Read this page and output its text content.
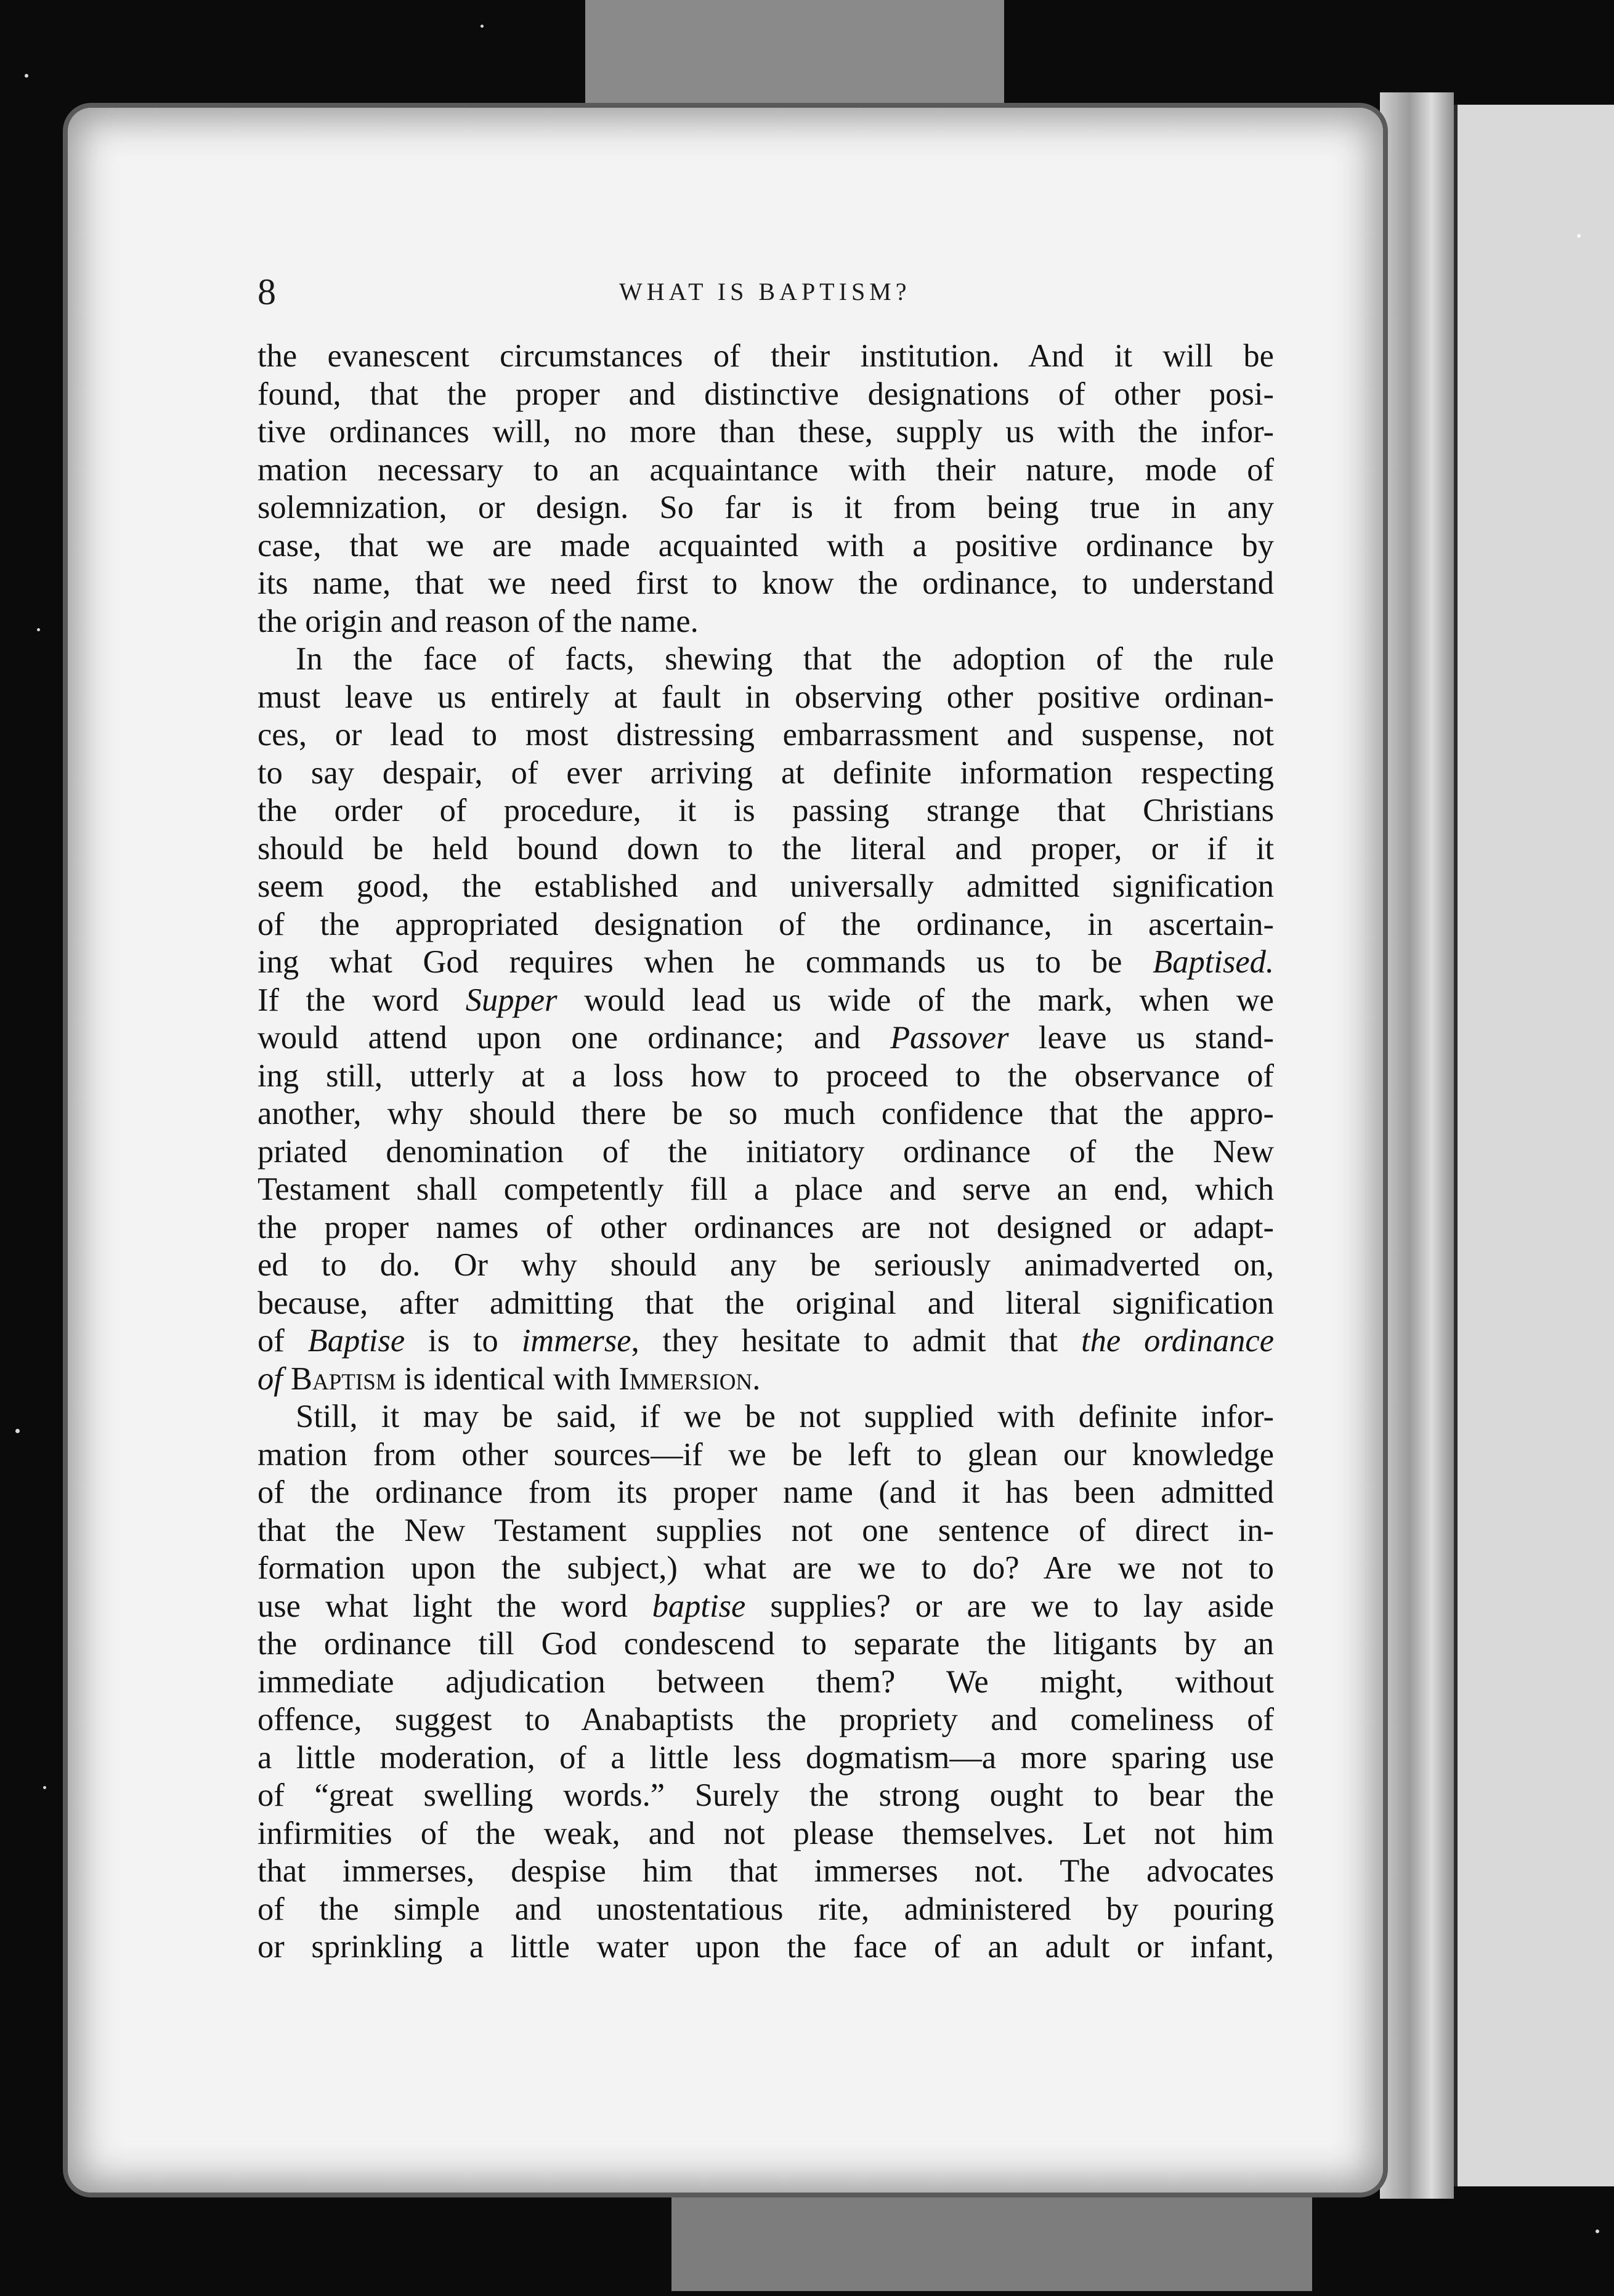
8	WHAT IS BAPTISM?
the evanescent circumstances of their institution. And it will be
found, that the proper and distinctive designations of other posi-
tive ordinances will, no more than these, supply us with the infor-
mation necessary to an acquaintance with their nature, mode of
solemnization, or design. So far is it from being true in any
case, that we are made acquainted with a positive ordinance by
its name, that we need first to know the ordinance, to understand
the origin and reason of the name.
In the face of facts, shewing that the adoption of the rule
must leave us entirely at fault in observing other positive ordinan-
ces, or lead to most distressing embarrassment and suspense, not
to say despair, of ever arriving at definite information respecting
the order of procedure, it is passing strange that Christians
should be held bound down to the literal and proper, or if it
seem good, the established and universally admitted signification
of the appropriated designation of the ordinance, in ascertain-
ing what God requires when he commands us to be Baptised.
If the word Supper would lead us wide of the mark, when we
would attend upon one ordinance; and Passover leave us stand-
ing still, utterly at a loss how to proceed to the observance of
another, why should there be so much confidence that the appro-
priated denomination of the initiatory ordinance of the New
Testament shall competently fill a place and serve an end, which
the proper names of other ordinances are not designed or adapt-
ed to do. Or why should any be seriously animadverted on,
because, after admitting that the original and literal signification
of Baptise is to immerse, they hesitate to admit that the ordinance
of Baptism is identical with Immersion.
Still, it may be said, if we be not supplied with definite infor-
mation from other sources—if we be left to glean our knowledge
of the ordinance from its proper name (and it has been admitted
that the New Testament supplies not one sentence of direct in-
formation upon the subject,) what are we to do? Are we not to
use what light the word baptise supplies? or are we to lay aside
the ordinance till God condescend to separate the litigants by an
immediate adjudication between them? We might, without
offence, suggest to Anabaptists the propriety and comeliness of
a little moderation, of a little less dogmatism—a more sparing use
of “great swelling words.” Surely the strong ought to bear the
infirmities of the weak, and not please themselves. Let not him
that immerses, despise him that immerses not. The advocates
of the simple and unostentatious rite, administered by pouring
or sprinkling a little water upon the face of an adult or infant,
